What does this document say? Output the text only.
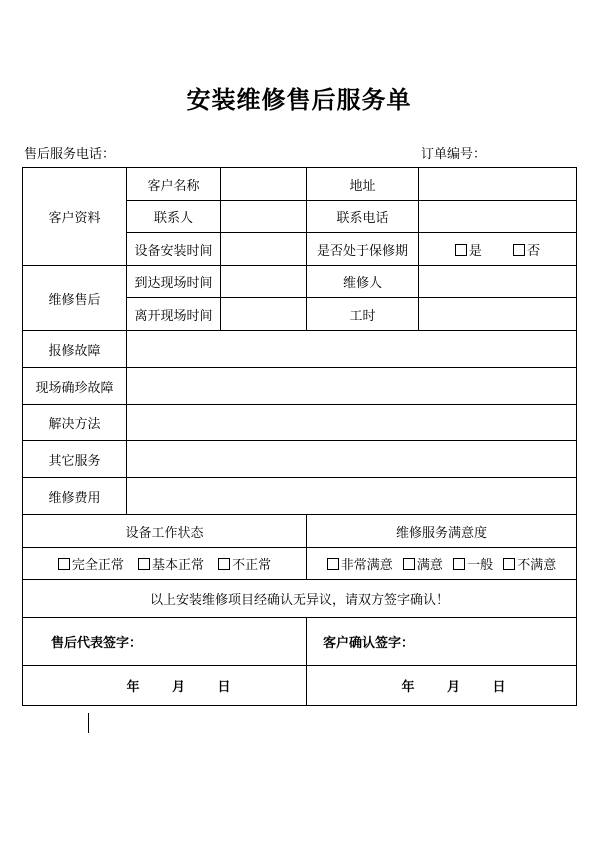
安装维修售后服务单
售后服务电话：	订单编号：
客户资料	客户名称		地址	
	联系人		联系电话	
	设备安装时间		是否处于保修期	是 否
维修售后	到达现场时间		维修人	
	离开现场时间		工时	
报修故障				
现场确珍故障				
解决方法				
其它服务				
维修费用				
设备工作状态			维修服务满意度	
完全正常 基本正常 不正常			非常满意 满意 一般 不满意	
以上安装维修项目经确认无异议，请双方签字确认！				
售后代表签字：			客户确认签字：	
年 月 日			年 月 日	
